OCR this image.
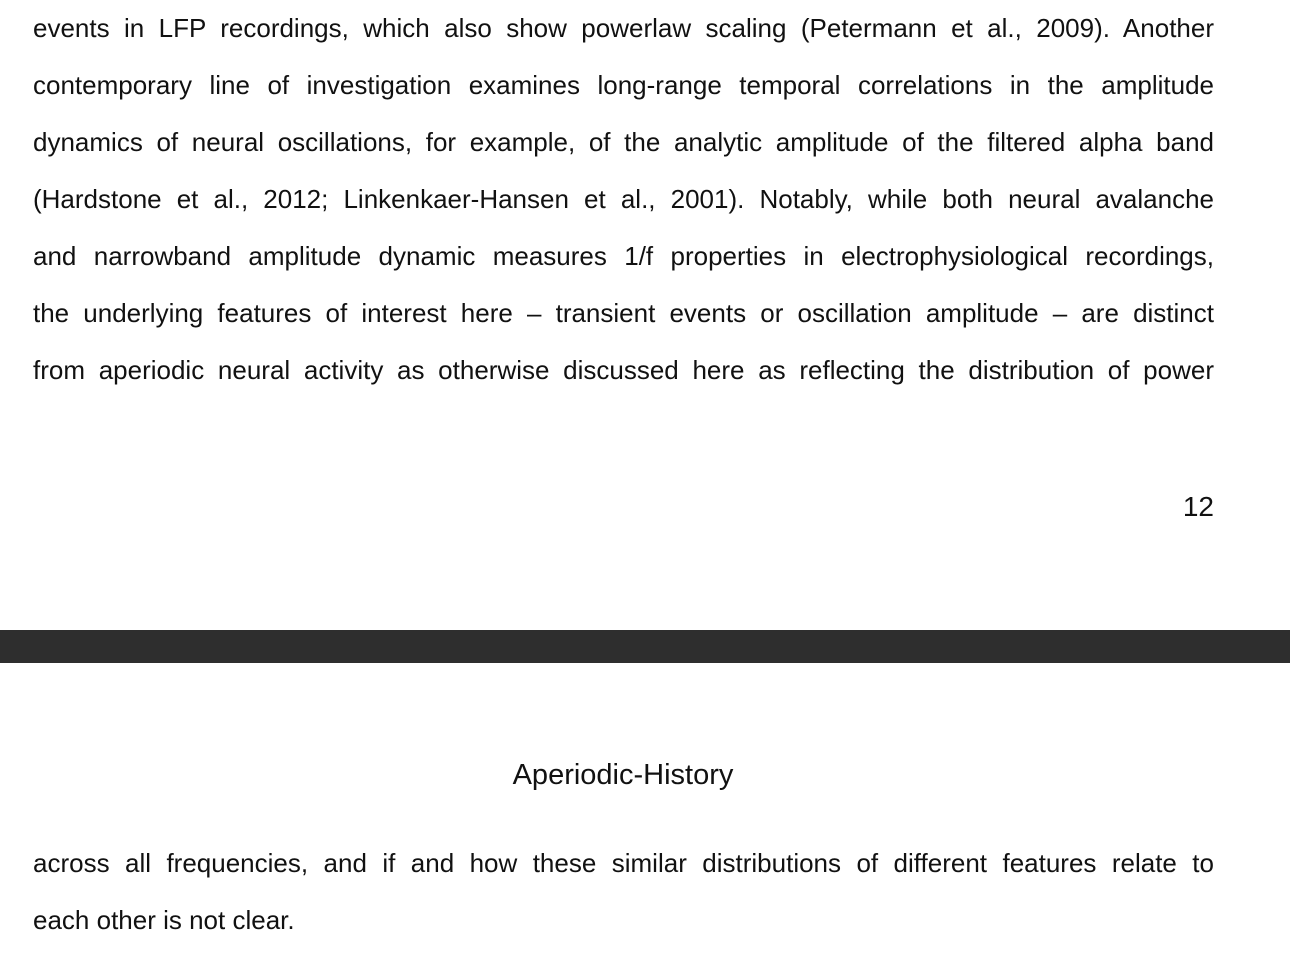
events in LFP recordings, which also show powerlaw scaling (Petermann et al., 2009). Another
contemporary line of investigation examines long-range temporal correlations in the amplitude
dynamics of neural oscillations, for example, of the analytic amplitude of the filtered alpha band
(Hardstone et al., 2012; Linkenkaer-Hansen et al., 2001). Notably, while both neural avalanche
and narrowband amplitude dynamic measures 1/f properties in electrophysiological recordings,
the underlying features of interest here – transient events or oscillation amplitude – are distinct
from aperiodic neural activity as otherwise discussed here as reflecting the distribution of power
12
Aperiodic-History
across all frequencies, and if and how these similar distributions of different features relate to
each other is not clear.
